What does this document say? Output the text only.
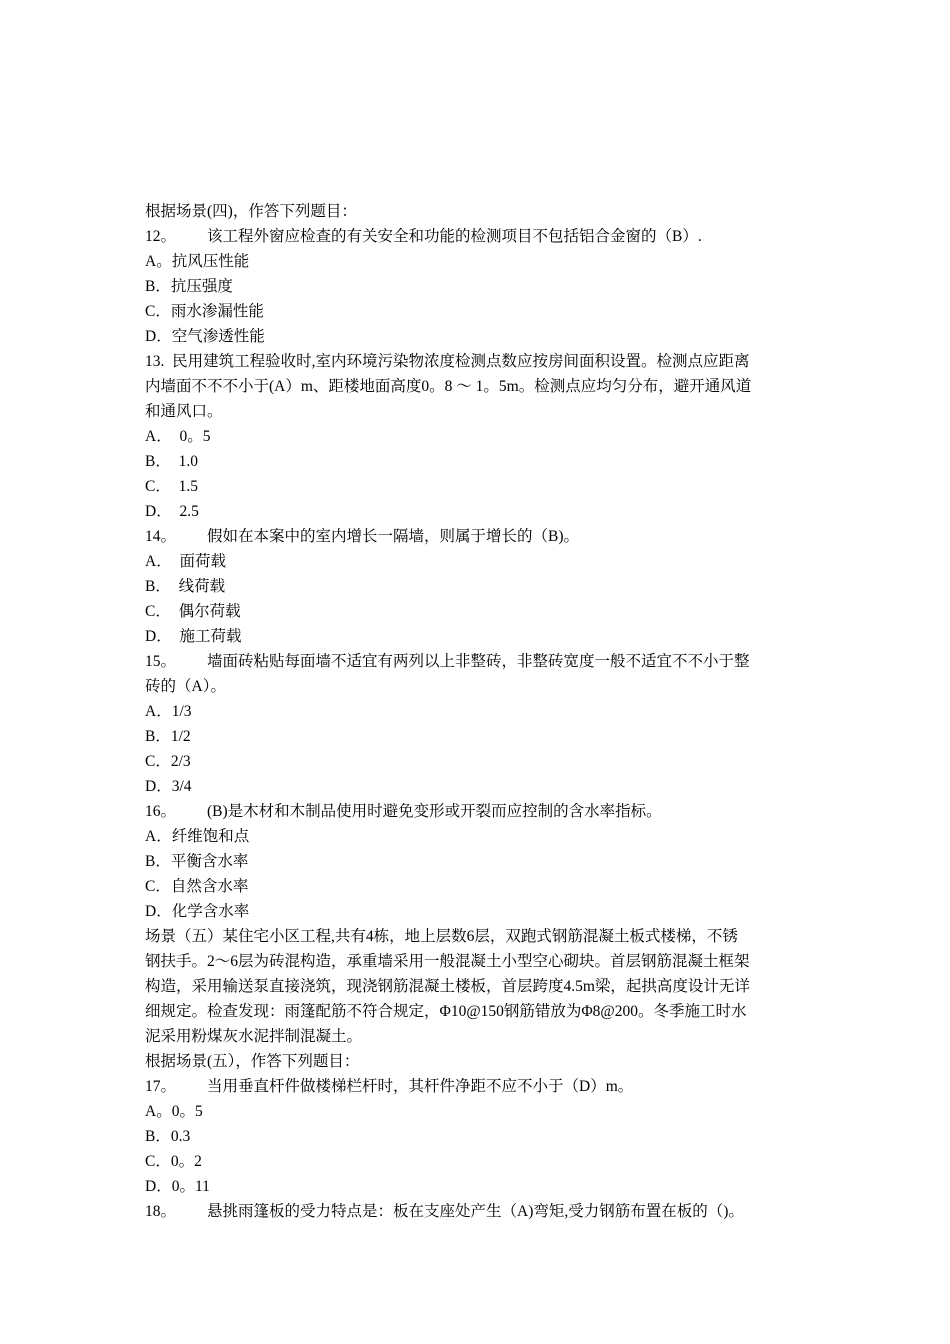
根据场景(四)，作答下列题目：
12。        该工程外窗应检查的有关安全和功能的检测项目不包括铝合金窗的（B）.
A。抗风压性能
B．抗压强度
C．雨水渗漏性能
D．空气渗透性能
13.  民用建筑工程验收时,室内环境污染物浓度检测点数应按房间面积设置。检测点应距离
内墙面不不不小于(A）m、距楼地面高度0。8 ～ 1。5m。检测点应均匀分布，避开通风道
和通风口。
A．  0。5
B．  1.0
C．  1.5
D．  2.5
14。        假如在本案中的室内增长一隔墙，则属于增长的（B)。
A．  面荷载
B．  线荷载
C．  偶尔荷载
D．  施工荷载
15。        墙面砖粘贴每面墙不适宜有两列以上非整砖，非整砖宽度一般不适宜不不小于整
砖的（A）。
A．1/3
B．1/2
C．2/3
D．3/4
16。        (B)是木材和木制品使用时避免变形或开裂而应控制的含水率指标。
A．纤维饱和点
B．平衡含水率
C．自然含水率
D．化学含水率
场景（五）某住宅小区工程,共有4栋，地上层数6层，双跑式钢筋混凝土板式楼梯，不锈
钢扶手。2～6层为砖混构造，承重墙采用一般混凝土小型空心砌块。首层钢筋混凝土框架
构造，采用输送泵直接浇筑，现浇钢筋混凝土楼板，首层跨度4.5m梁，起拱高度设计无详
细规定。检查发现：雨篷配筋不符合规定，Φ10@150钢筋错放为Φ8@200。冬季施工时水
泥采用粉煤灰水泥拌制混凝土。
根据场景(五），作答下列题目：
17。        当用垂直杆件做楼梯栏杆时，其杆件净距不应不小于（D）m。
A。0。5
B．0.3
C．0。2
D．0。11
18。        悬挑雨篷板的受力特点是：板在支座处产生（A)弯矩,受力钢筋布置在板的（)。
